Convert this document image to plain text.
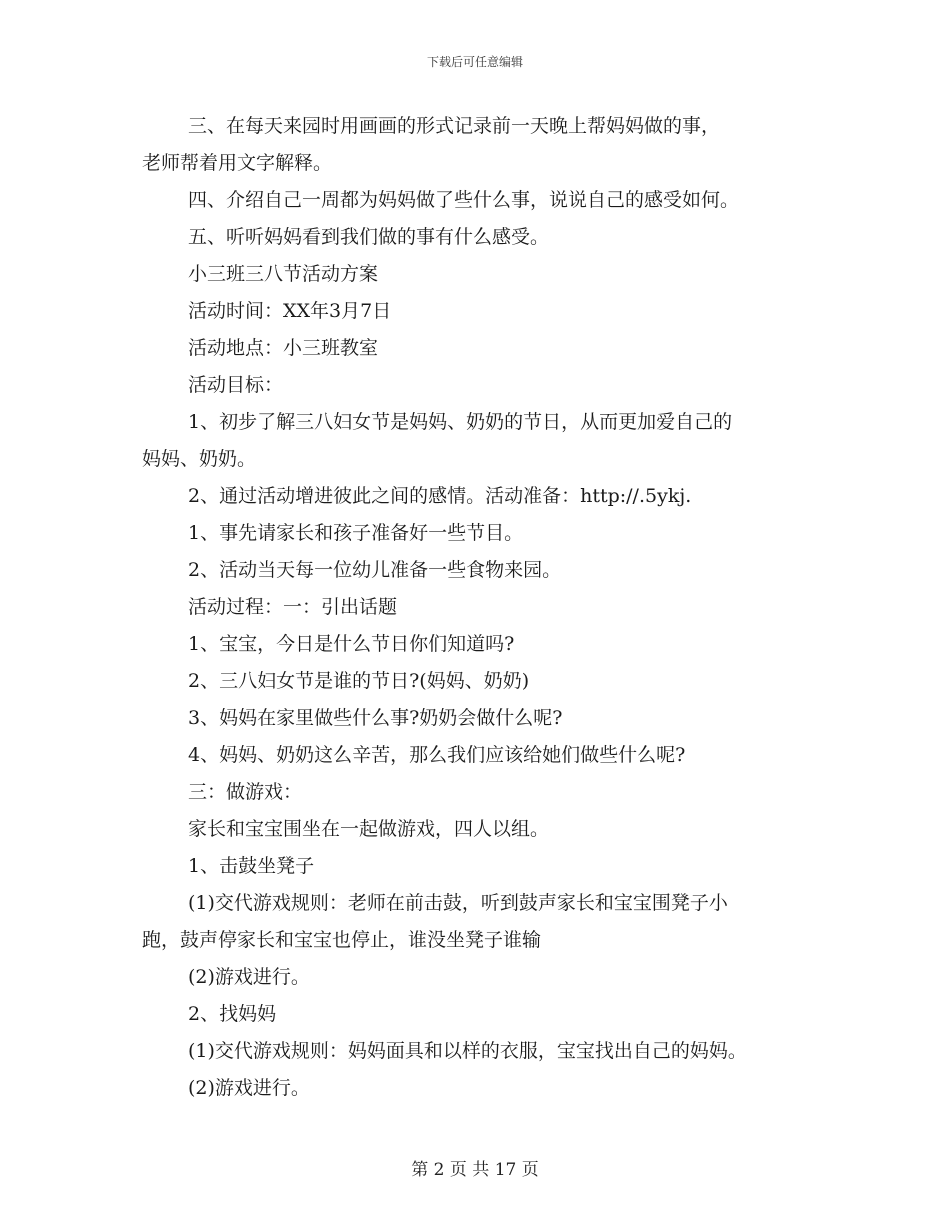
下载后可任意编辑
三、在每天来园时用画画的形式记录前一天晚上帮妈妈做的事，
老师帮着用文字解释。
四、介绍自己一周都为妈妈做了些什么事，说说自己的感受如何。
五、听听妈妈看到我们做的事有什么感受。
小三班三八节活动方案
活动时间：XX年3月7日
活动地点：小三班教室
活动目标：
1、初步了解三八妇女节是妈妈、奶奶的节日，从而更加爱自己的
妈妈、奶奶。
2、通过活动增进彼此之间的感情。活动准备：http://.5ykj.
1、事先请家长和孩子准备好一些节目。
2、活动当天每一位幼儿准备一些食物来园。
活动过程：一：引出话题
1、宝宝，今日是什么节日你们知道吗?
2、三八妇女节是谁的节日?(妈妈、奶奶)
3、妈妈在家里做些什么事?奶奶会做什么呢?
4、妈妈、奶奶这么辛苦，那么我们应该给她们做些什么呢?
三：做游戏：
家长和宝宝围坐在一起做游戏，四人以组。
1、击鼓坐凳子
(1)交代游戏规则：老师在前击鼓，听到鼓声家长和宝宝围凳子小
跑，鼓声停家长和宝宝也停止，谁没坐凳子谁输
(2)游戏进行。
2、找妈妈
(1)交代游戏规则：妈妈面具和以样的衣服，宝宝找出自己的妈妈。
(2)游戏进行。
第 2 页 共 17 页
